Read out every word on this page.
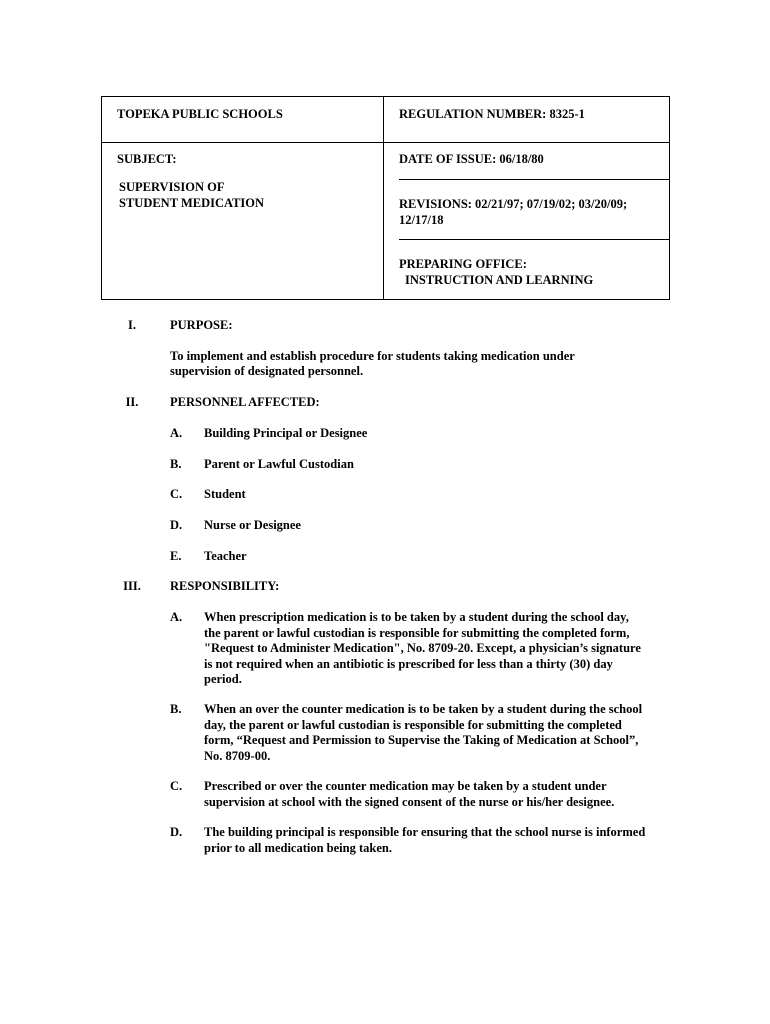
TOPEKA PUBLIC SCHOOLS	REGULATION NUMBER: 8325-1
SUBJECT:
SUPERVISION OF
STUDENT MEDICATION
DATE OF ISSUE: 06/18/80
REVISIONS: 02/21/97; 07/19/02; 03/20/09;
12/17/18
PREPARING OFFICE:
INSTRUCTION AND LEARNING
I.	PURPOSE:
To implement and establish procedure for students taking medication under
supervision of designated personnel.
II.	PERSONNEL AFFECTED:
A. Building Principal or Designee
B. Parent or Lawful Custodian
C. Student
D. Nurse or Designee
E. Teacher
III.	RESPONSIBILITY:
A. When prescription medication is to be taken by a student during the school day,
the parent or lawful custodian is responsible for submitting the completed form,
"Request to Administer Medication", No. 8709-20. Except, a physician’s signature
is not required when an antibiotic is prescribed for less than a thirty (30) day
period.
B. When an over the counter medication is to be taken by a student during the school
day, the parent or lawful custodian is responsible for submitting the completed
form, “Request and Permission to Supervise the Taking of Medication at School”,
No. 8709-00.
C. Prescribed or over the counter medication may be taken by a student under
supervision at school with the signed consent of the nurse or his/her designee.
D. The building principal is responsible for ensuring that the school nurse is informed
prior to all medication being taken.
